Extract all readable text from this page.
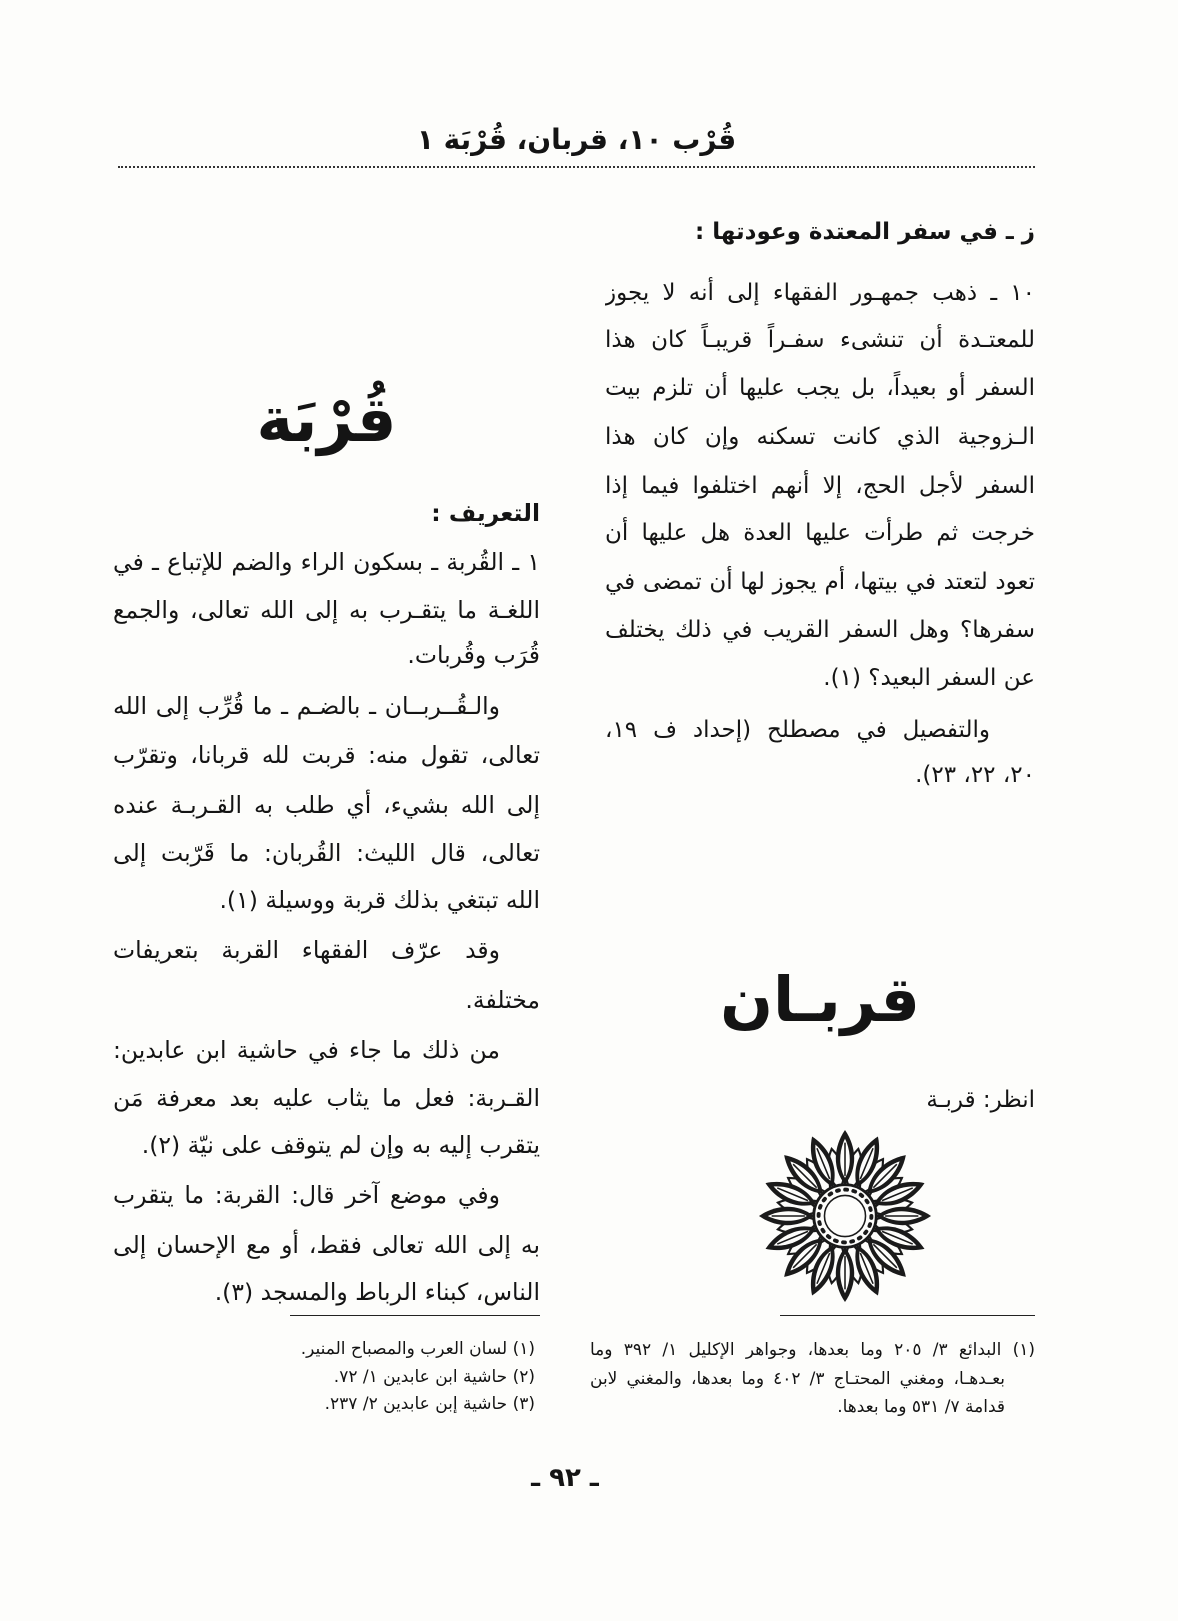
قُرْب ١٠، قربان، قُرْبَة ١
ز ـ في سفر المعتدة وعودتها :
١٠ ـ ذهب جمهـور الفقهاء إلى أنه لا يجوز
للمعتـدة أن تنشىء سفـراً قريبـاً كان هذا
السفر أو بعيداً، بل يجب عليها أن تلزم بيت
الـزوجية الذي كانت تسكنه وإن كان هذا
السفر لأجل الحج، إلا أنهم اختلفوا فيما إذا
خرجت ثم طرأت عليها العدة هل عليها أن
تعود لتعتد في بيتها، أم يجوز لها أن تمضى في
سفرها؟ وهل السفر القريب في ذلك يختلف
عن السفر البعيد؟ (١).
والتفصيل في مصطلح (إحداد ف ١٩،
٢٠، ٢٢، ٢٣).
قربـان
انظر: قربـة
(١) البدائع ٣/ ٢٠٥ وما بعدها، وجواهر الإكليل ١/ ٣٩٢ وما
بعـدهـا، ومغني المحتـاج ٣/ ٤٠٢ وما بعدها، والمغني لابن
قدامة ٧/ ٥٣١ وما بعدها.
قُرْبَة
التعريف :
١ ـ القُربة ـ بسكون الراء والضم للإتباع ـ في
اللغـة ما يتقـرب به إلى الله تعالى، والجمع
قُرَب وقُربات.
والـقُــربــان ـ بالضـم ـ ما قُرِّب إلى الله
تعالى، تقول منه: قربت لله قربانا، وتقرّب
إلى الله بشيء، أي طلب به القـربـة عنده
تعالى، قال الليث: القُربان: ما قَرّبت إلى
الله تبتغي بذلك قربة ووسيلة (١).
وقد عرّف الفقهاء القربة بتعريفات
مختلفة.
من ذلك ما جاء في حاشية ابن عابدين:
القـربة: فعل ما يثاب عليه بعد معرفة مَن
يتقرب إليه به وإن لم يتوقف على نيّة (٢).
وفي موضع آخر قال: القربة: ما يتقرب
به إلى الله تعالى فقط، أو مع الإحسان إلى
الناس، كبناء الرباط والمسجد (٣).
(١) لسان العرب والمصباح المنير.
(٢) حاشية ابن عابدين ١/ ٧٢.
(٣) حاشية إبن عابدين ٢/ ٢٣٧.
ـ ٩٢ ـ
